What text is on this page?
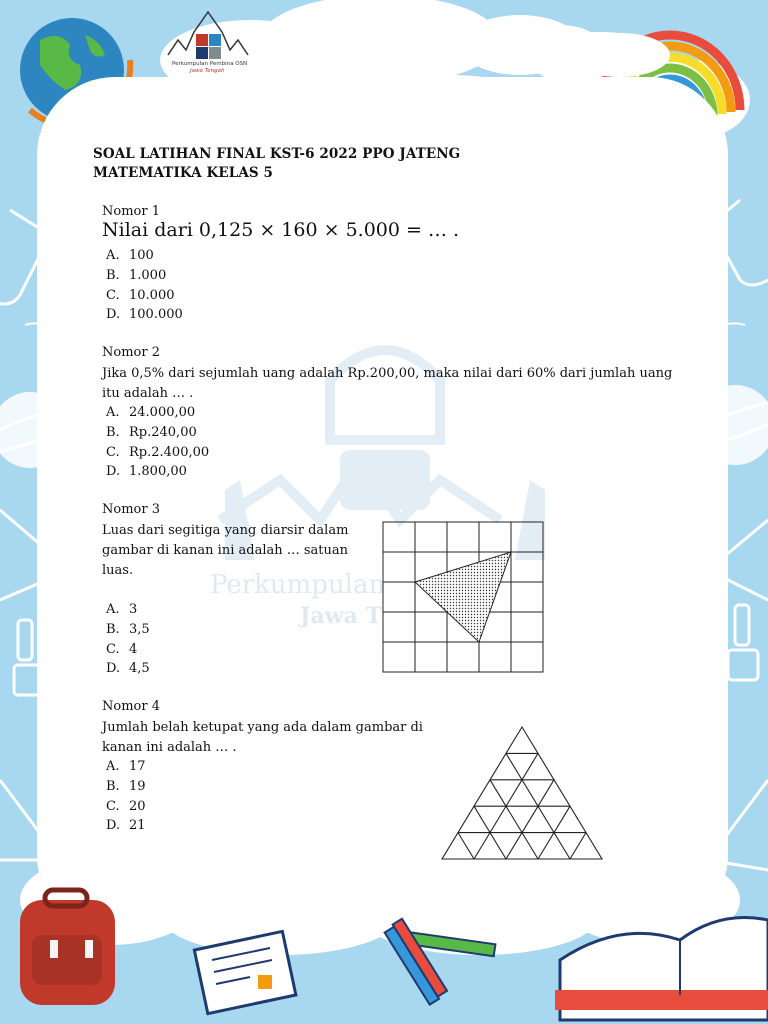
Perkumpulan
Jawa T
Perkumpulan Pembina OSN
Jawa Tengah
SOAL LATIHAN FINAL KST-6 2022 PPO JATENG
MATEMATIKA KELAS 5
Nomor 1
Nilai dari 0,125 × 160 × 5.000 = … .
A. 100
B. 1.000
C. 10.000
D. 100.000
Nomor 2
Jika 0,5% dari sejumlah uang adalah Rp.200,00, maka nilai dari 60% dari jumlah uang
itu adalah … .
A. 24.000,00
B. Rp.240,00
C. Rp.2.400,00
D. 1.800,00
Nomor 3
Luas dari segitiga yang diarsir dalam
gambar di kanan ini adalah … satuan
luas.
A. 3
B. 3,5
C. 4
D. 4,5
Nomor 4
Jumlah belah ketupat yang ada dalam gambar di
kanan ini adalah … .
A. 17
B. 19
C. 20
D. 21
